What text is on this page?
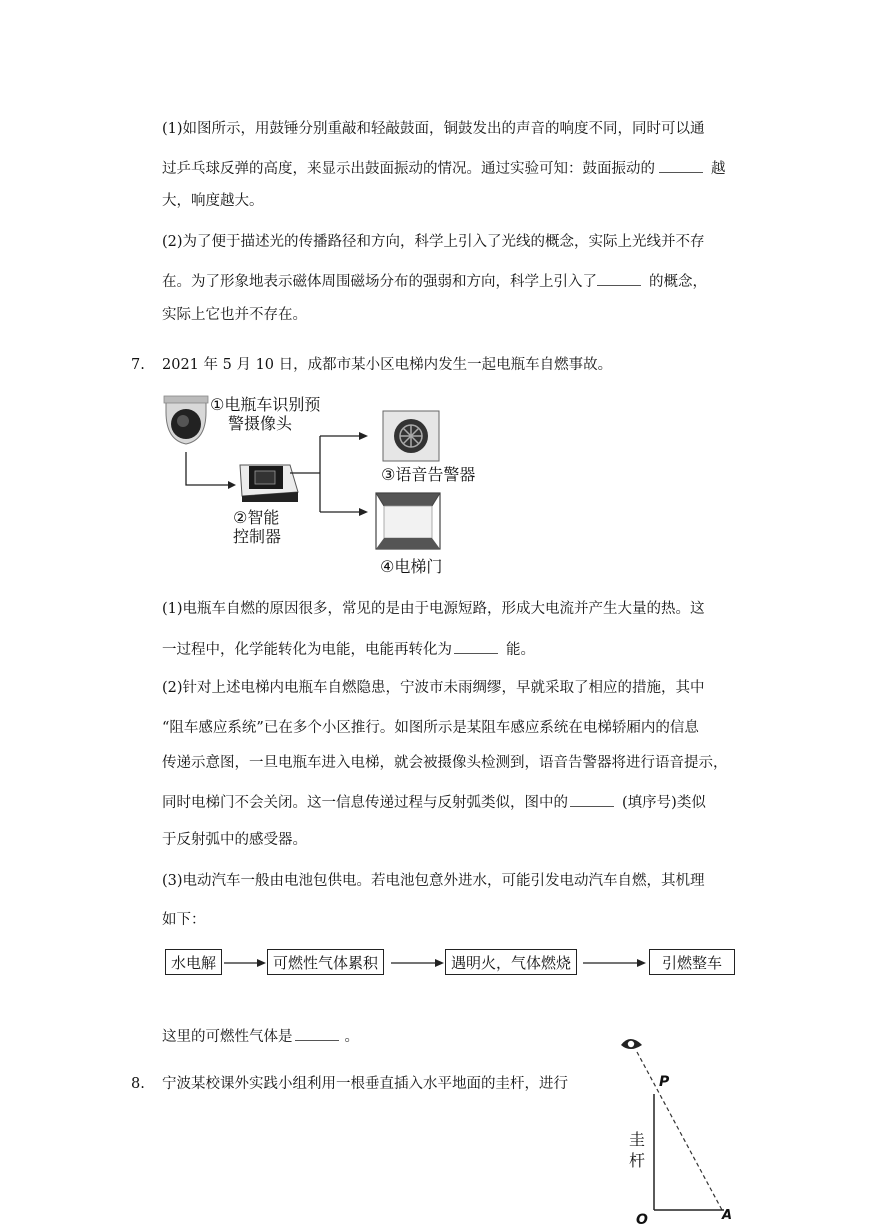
(1)如图所示，用鼓锤分别重敲和轻敲鼓面，铜鼓发出的声音的响度不同，同时可以通
过乒乓球反弹的高度，来显示出鼓面振动的情况。通过实验可知：鼓面振动的	越
大，响度越大。
(2)为了便于描述光的传播路径和方向，科学上引入了光线的概念，实际上光线并不存
在。为了形象地表示磁体周围磁场分布的强弱和方向，科学上引入了	的概念，
实际上它也并不存在。
7. 2021 年 5 月 10 日，成都市某小区电梯内发生一起电瓶车自燃事故。
①电瓶车识别预
警摄像头
②智能
控制器
③语音告警器
④电梯门
(1)电瓶车自燃的原因很多，常见的是由于电源短路，形成大电流并产生大量的热。这
一过程中，化学能转化为电能，电能再转化为	能。
(2)针对上述电梯内电瓶车自燃隐患，宁波市未雨绸缪，早就采取了相应的措施，其中
“阻车感应系统”已在多个小区推行。如图所示是某阻车感应系统在电梯轿厢内的信息
传递示意图，一旦电瓶车进入电梯，就会被摄像头检测到，语音告警器将进行语音提示，
同时电梯门不会关闭。这一信息传递过程与反射弧类似，图中的	(填序号)类似
于反射弧中的感受器。
(3)电动汽车一般由电池包供电。若电池包意外进水，可能引发电动汽车自燃，其机理
如下：
水电解	可燃性气体累积	遇明火，气体燃烧	引燃整车
这里的可燃性气体是	。
8. 宁波某校课外实践小组利用一根垂直插入水平地面的圭杆，进行	P
O	A
圭
杆
